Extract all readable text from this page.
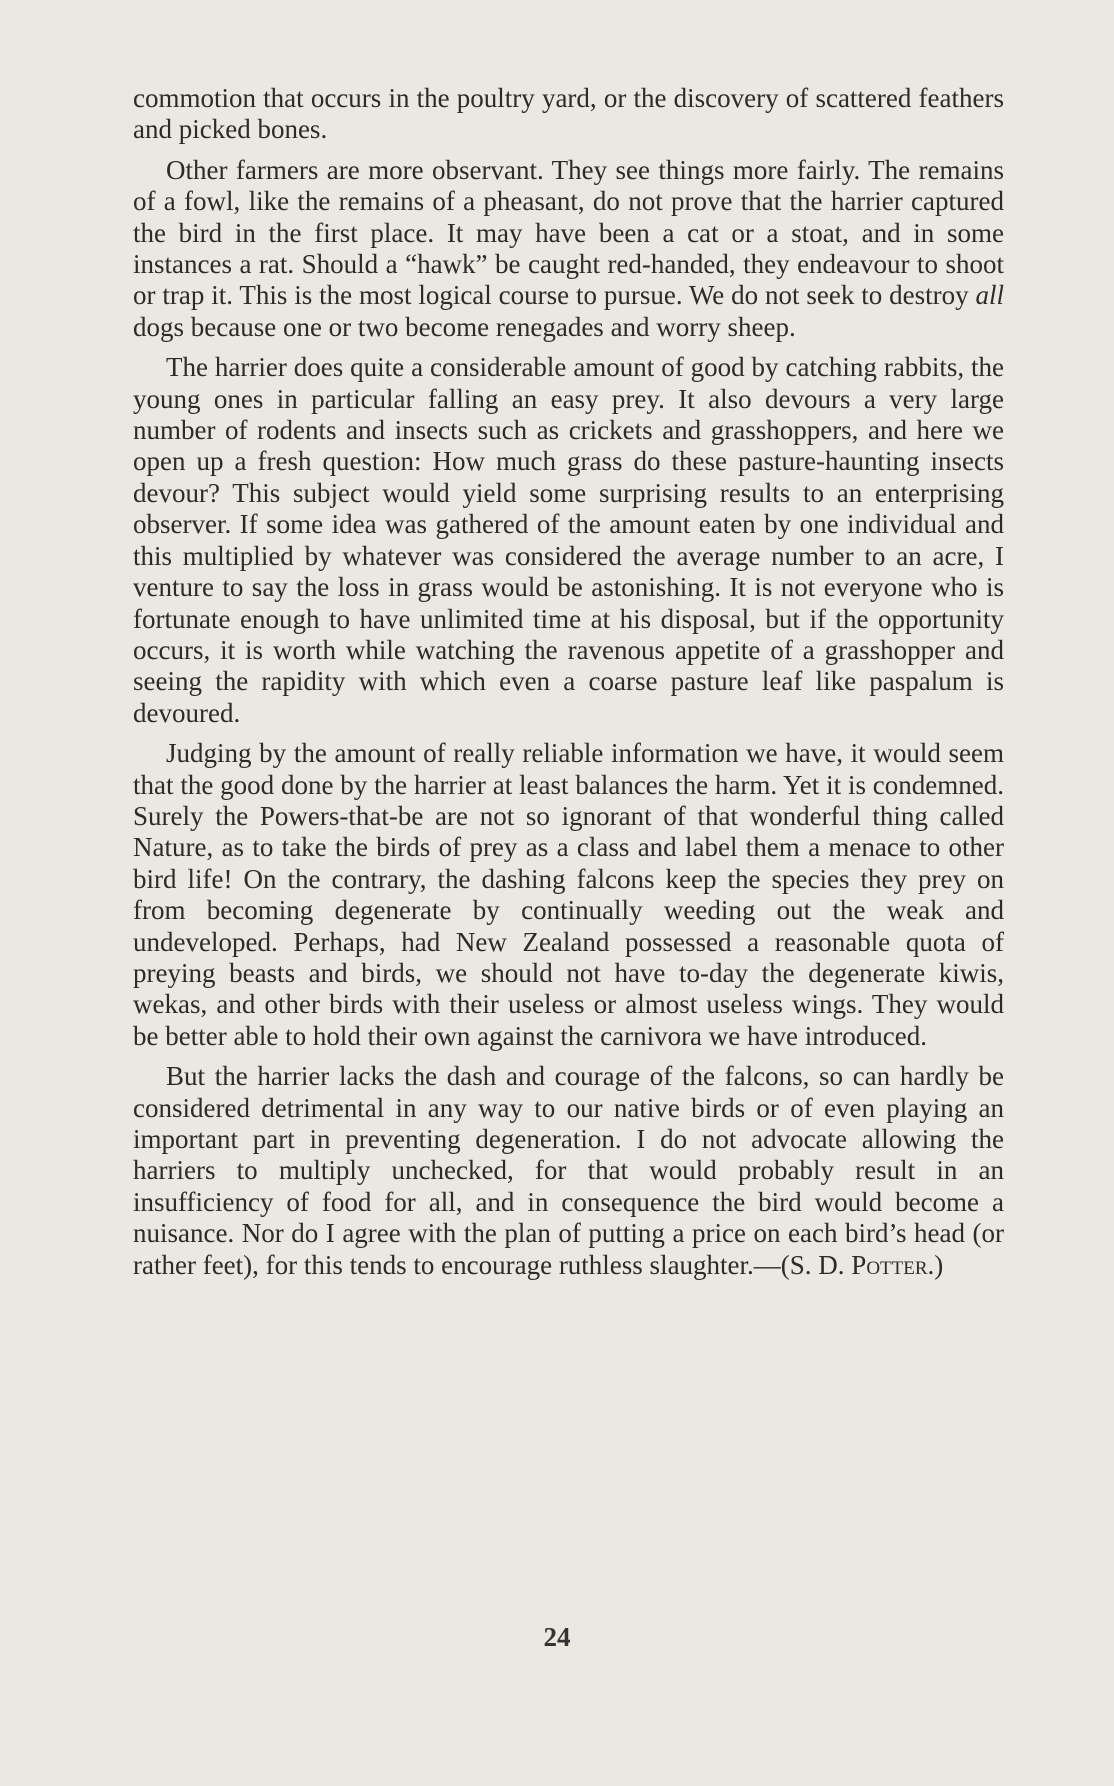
commotion that occurs in the poultry yard, or the discovery of scattered feathers and picked bones.

Other farmers are more observant. They see things more fairly. The remains of a fowl, like the remains of a pheasant, do not prove that the harrier captured the bird in the first place. It may have been a cat or a stoat, and in some instances a rat. Should a “hawk” be caught red-handed, they endeavour to shoot or trap it. This is the most logical course to pursue. We do not seek to destroy all dogs because one or two become renegades and worry sheep.

The harrier does quite a considerable amount of good by catching rabbits, the young ones in particular falling an easy prey. It also devours a very large number of rodents and insects such as crickets and grasshoppers, and here we open up a fresh question: How much grass do these pasture-haunting insects devour? This subject would yield some surprising results to an enterprising observer. If some idea was gathered of the amount eaten by one individual and this multiplied by whatever was considered the average number to an acre, I venture to say the loss in grass would be astonishing. It is not everyone who is fortunate enough to have unlimited time at his disposal, but if the opportunity occurs, it is worth while watching the ravenous appetite of a grasshopper and seeing the rapidity with which even a coarse pasture leaf like paspalum is devoured.

Judging by the amount of really reliable information we have, it would seem that the good done by the harrier at least balances the harm. Yet it is condemned. Surely the Powers-that-be are not so ignorant of that wonderful thing called Nature, as to take the birds of prey as a class and label them a menace to other bird life! On the contrary, the dashing falcons keep the species they prey on from becoming degenerate by continually weeding out the weak and undeveloped. Perhaps, had New Zealand possessed a reasonable quota of preying beasts and birds, we should not have to-day the degenerate kiwis, wekas, and other birds with their useless or almost useless wings. They would be better able to hold their own against the carnivora we have introduced.

But the harrier lacks the dash and courage of the falcons, so can hardly be considered detrimental in any way to our native birds or of even playing an important part in preventing degeneration. I do not advocate allowing the harriers to multiply unchecked, for that would probably result in an insufficiency of food for all, and in consequence the bird would become a nuisance. Nor do I agree with the plan of putting a price on each bird’s head (or rather feet), for this tends to encourage ruthless slaughter.—(S. D. Potter.)

24
